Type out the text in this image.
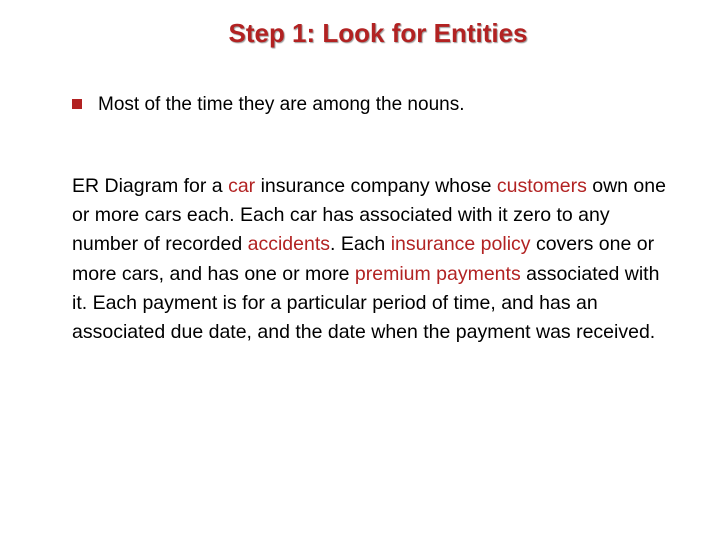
Step 1: Look for Entities
Most of the time they are among the nouns.
ER Diagram for a car insurance company whose customers own one or more cars each. Each car has associated with it zero to any number of recorded accidents. Each insurance policy covers one or more cars, and has one or more premium payments associated with it. Each payment is for a particular period of time, and has an associated due date, and the date when the payment was received.
